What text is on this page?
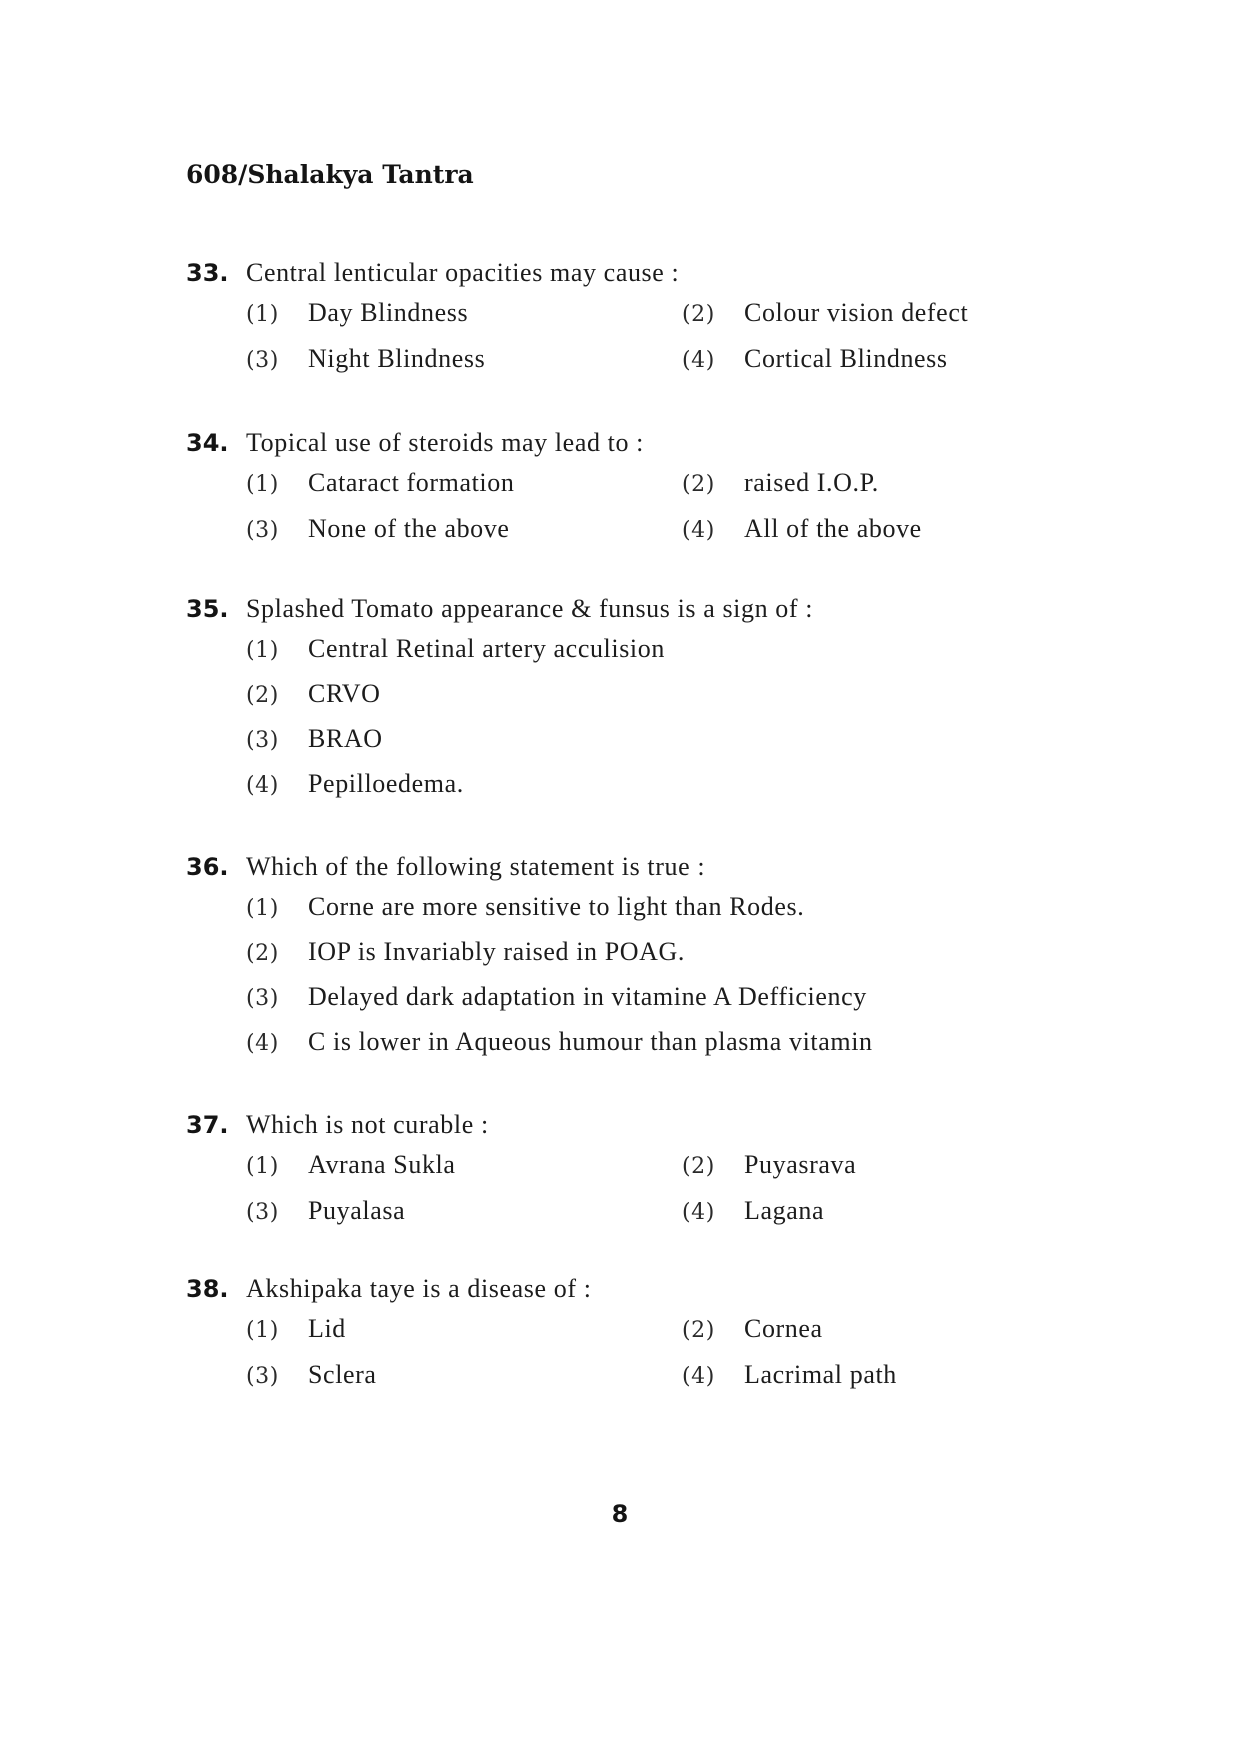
608/Shalakya Tantra
33. Central lenticular opacities may cause :
(1)	Day Blindness	(2)	Colour vision defect
(3)	Night Blindness	(4)	Cortical Blindness
34. Topical use of steroids may lead to :
(1)	Cataract formation	(2)	raised I.O.P.
(3)	None of the above	(4)	All of the above
35. Splashed Tomato appearance & funsus is a sign of :
(1)	Central Retinal artery acculision
(2)	CRVO
(3)	BRAO
(4)	Pepilloedema.
36. Which of the following statement is true :
(1)	Corne are more sensitive to light than Rodes.
(2)	IOP is Invariably raised in POAG.
(3)	Delayed dark adaptation in vitamine A Defficiency
(4)	C is lower in Aqueous humour than plasma vitamin
37. Which is not curable :
(1)	Avrana Sukla	(2)	Puyasrava
(3)	Puyalasa	(4)	Lagana
38. Akshipaka taye is a disease of :
(1)	Lid	(2)	Cornea
(3)	Sclera	(4)	Lacrimal path
8
